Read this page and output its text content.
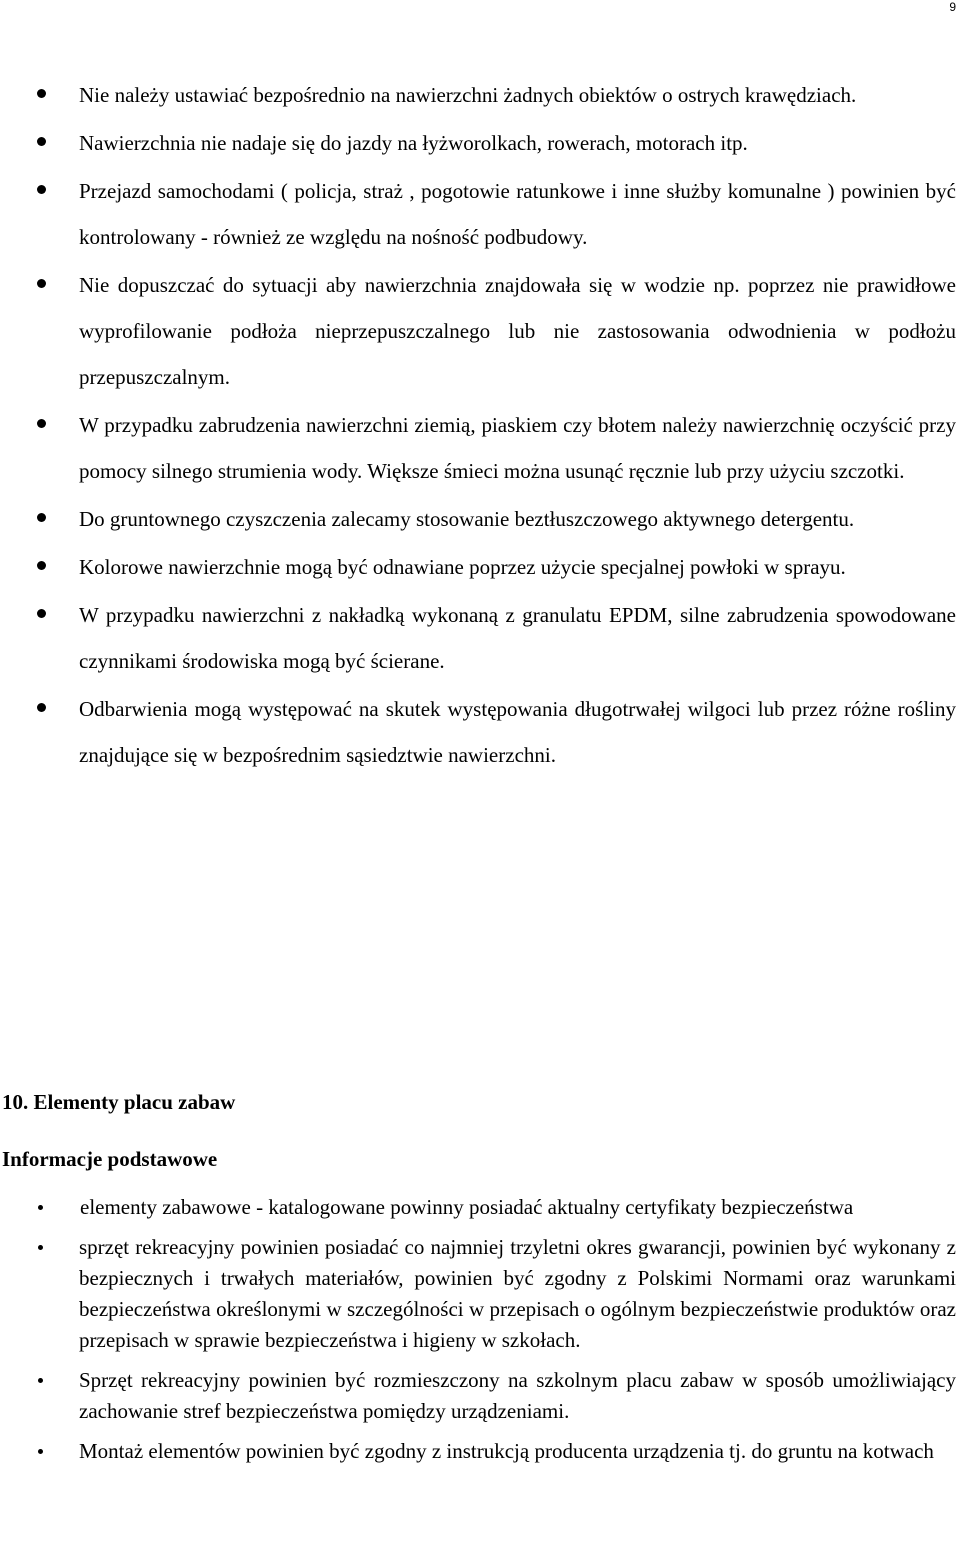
9
Nie należy ustawiać bezpośrednio na nawierzchni żadnych obiektów o ostrych krawędziach.
Nawierzchnia nie nadaje się do jazdy na łyżworolkach, rowerach, motorach itp.
Przejazd samochodami ( policja, straż , pogotowie ratunkowe i inne służby komunalne ) powinien być kontrolowany - również ze względu na nośność podbudowy.
Nie dopuszczać do sytuacji aby nawierzchnia znajdowała się w wodzie np. poprzez nie prawidłowe wyprofilowanie podłoża nieprzepuszczalnego lub nie zastosowania odwodnienia w podłożu przepuszczalnym.
W przypadku zabrudzenia nawierzchni ziemią, piaskiem czy błotem należy nawierzchnię oczyścić przy pomocy silnego strumienia wody. Większe śmieci można usunąć ręcznie lub przy użyciu szczotki.
Do gruntownego czyszczenia zalecamy stosowanie beztłuszczowego aktywnego detergentu.
Kolorowe nawierzchnie mogą być odnawiane poprzez użycie specjalnej powłoki w sprayu.
W przypadku nawierzchni z nakładką wykonaną z granulatu EPDM, silne zabrudzenia spowodowane czynnikami środowiska mogą być ścierane.
Odbarwienia mogą występować na skutek występowania długotrwałej wilgoci lub przez różne rośliny znajdujące się w bezpośrednim sąsiedztwie nawierzchni.
10. Elementy placu zabaw
Informacje podstawowe
elementy zabawowe - katalogowane powinny posiadać aktualny certyfikaty bezpieczeństwa
sprzęt rekreacyjny powinien posiadać co najmniej trzyletni okres gwarancji, powinien być wykonany z bezpiecznych i trwałych materiałów, powinien być zgodny z Polskimi Normami oraz warunkami bezpieczeństwa określonymi w szczególności w przepisach o ogólnym bezpieczeństwie produktów oraz przepisach w sprawie bezpieczeństwa i higieny w szkołach.
Sprzęt rekreacyjny powinien być rozmieszczony na szkolnym placu zabaw w sposób umożliwiający zachowanie stref bezpieczeństwa pomiędzy urządzeniami.
Montaż elementów powinien być zgodny z instrukcją producenta urządzenia tj. do gruntu na kotwach
